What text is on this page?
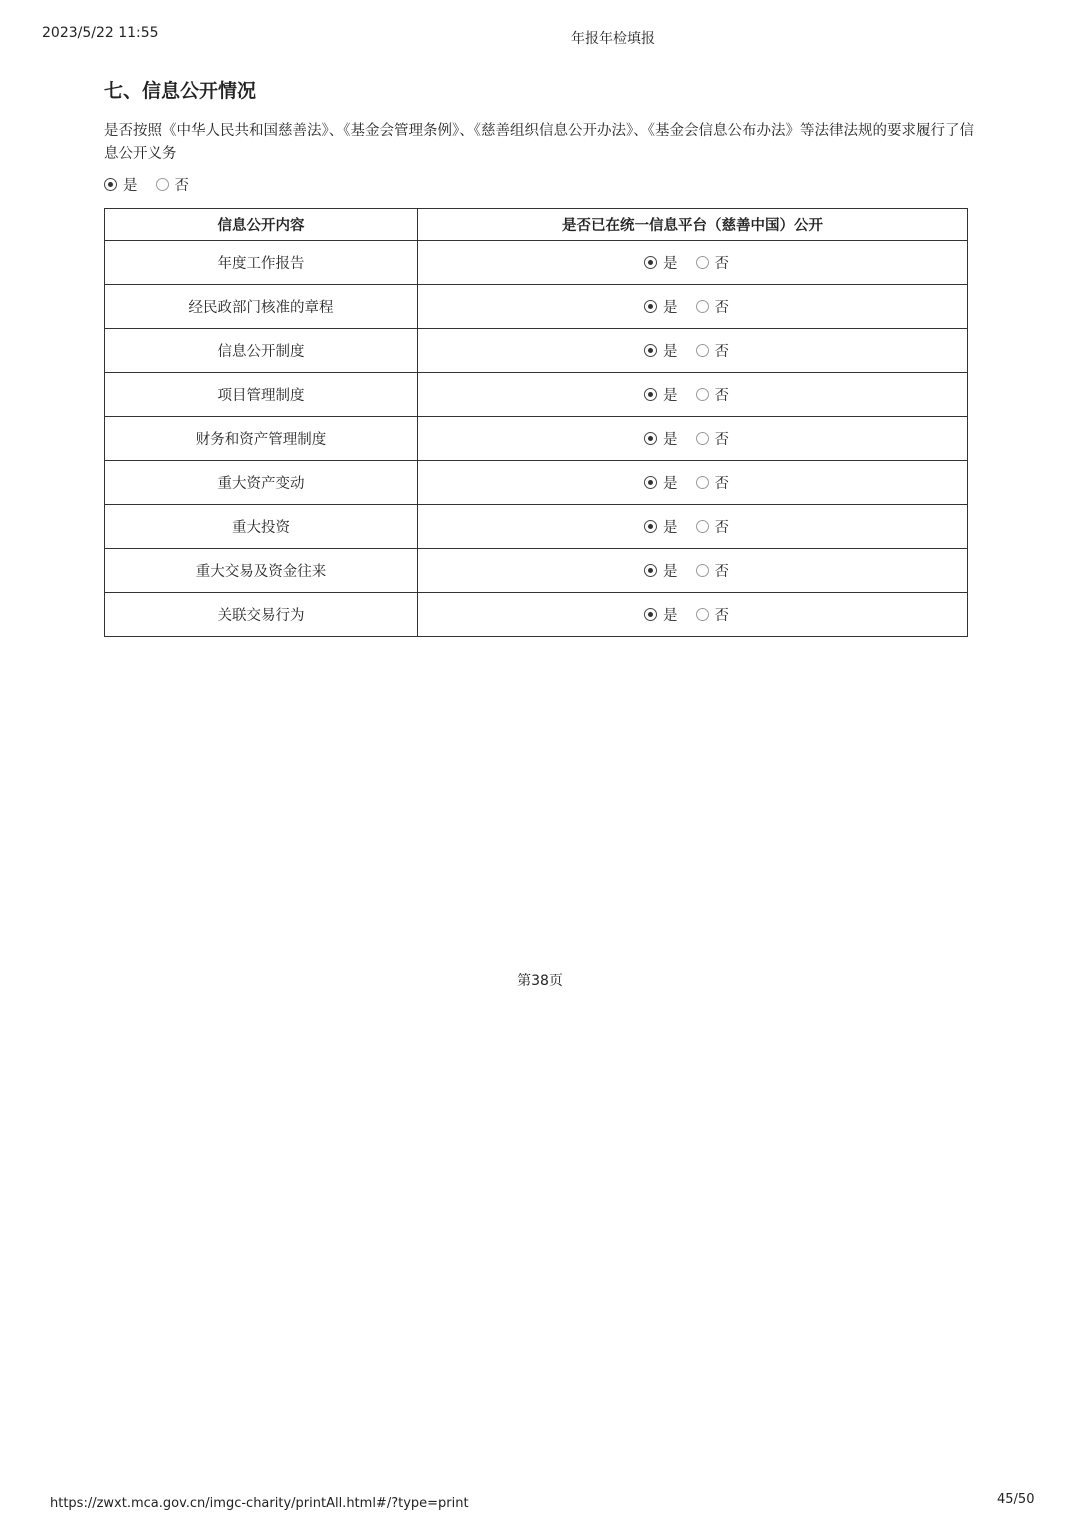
2023/5/22 11:55	年报年检填报
七、信息公开情况
是否按照《中华人民共和国慈善法》、《基金会管理条例》、《慈善组织信息公开办法》、《基金会信息公布办法》等法律法规的要求履行了信息公开义务
是	否
信息公开内容	是否已在统一信息平台（慈善中国）公开
年度工作报告	是 否

经民政部门核准的章程	是 否

信息公开制度	是 否

项目管理制度	是 否

财务和资产管理制度	是 否

重大资产变动	是 否

重大投资	是 否

重大交易及资金往来	是 否

关联交易行为	是 否
第38页
https://zwxt.mca.gov.cn/imgc-charity/printAll.html#/?type=print	45/50
